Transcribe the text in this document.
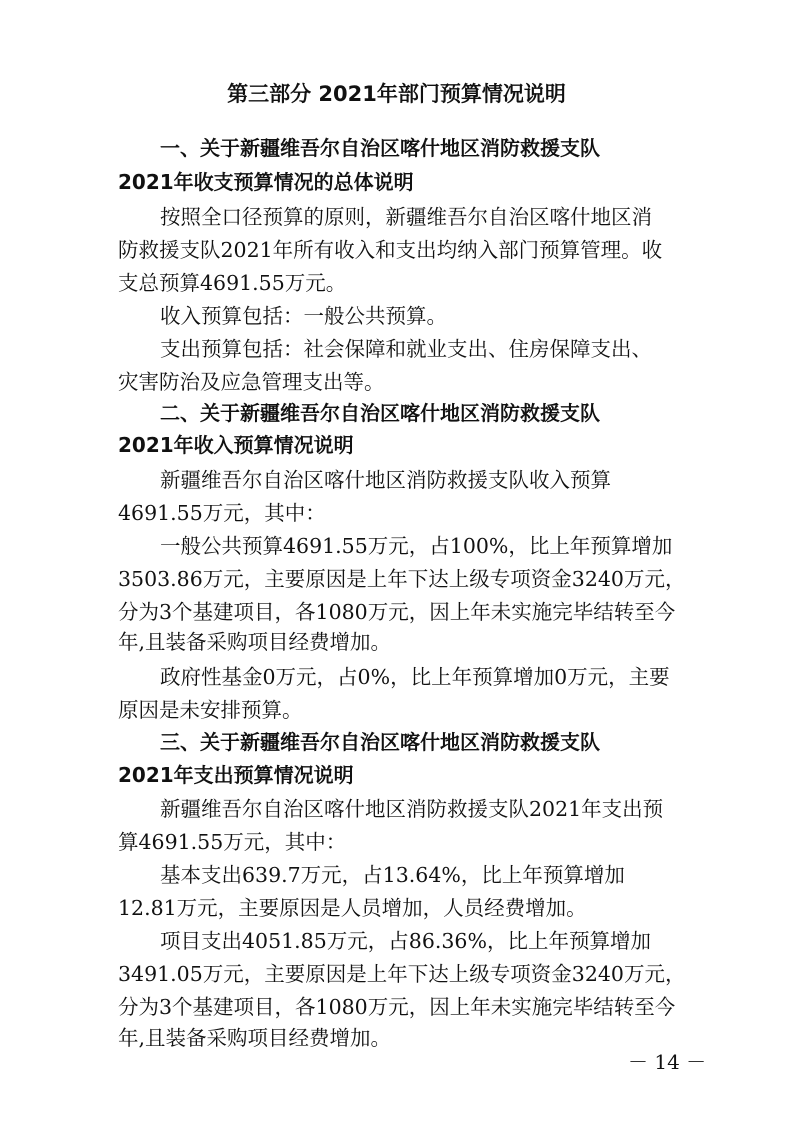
第三部分 2021年部门预算情况说明
一、关于新疆维吾尔自治区喀什地区消防救援支队
2021年收支预算情况的总体说明
按照全口径预算的原则，新疆维吾尔自治区喀什地区消
防救援支队2021年所有收入和支出均纳入部门预算管理。收
支总预算4691.55万元。
收入预算包括：一般公共预算。
支出预算包括：社会保障和就业支出、住房保障支出、
灾害防治及应急管理支出等。
二、关于新疆维吾尔自治区喀什地区消防救援支队
2021年收入预算情况说明
新疆维吾尔自治区喀什地区消防救援支队收入预算
4691.55万元，其中：
一般公共预算4691.55万元，占100%，比上年预算增加
3503.86万元，主要原因是上年下达上级专项资金3240万元，
分为3个基建项目，各1080万元，因上年未实施完毕结转至今
年,且装备采购项目经费增加。
政府性基金0万元，占0%，比上年预算增加0万元，主要
原因是未安排预算。
三、关于新疆维吾尔自治区喀什地区消防救援支队
2021年支出预算情况说明
新疆维吾尔自治区喀什地区消防救援支队2021年支出预
算4691.55万元，其中：
基本支出639.7万元，占13.64%，比上年预算增加
12.81万元，主要原因是人员增加，人员经费增加。
项目支出4051.85万元，占86.36%，比上年预算增加
3491.05万元，主要原因是上年下达上级专项资金3240万元，
分为3个基建项目，各1080万元，因上年未实施完毕结转至今
年,且装备采购项目经费增加。
－ 14 －
